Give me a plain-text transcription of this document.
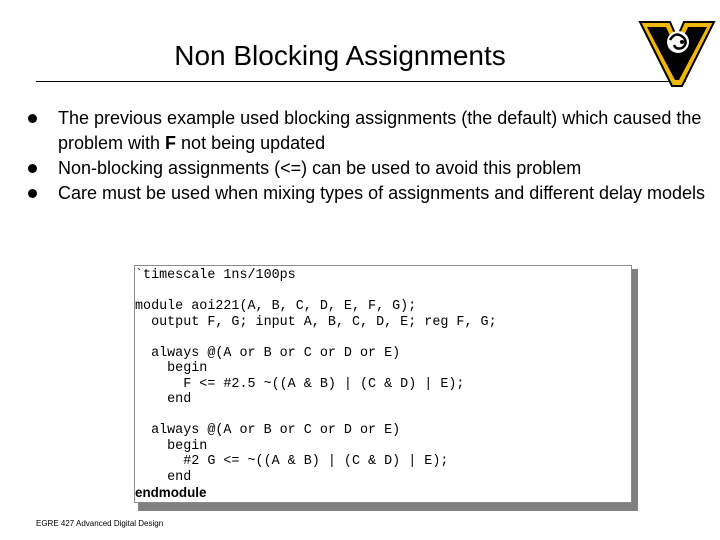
Non Blocking Assignments
The previous example used blocking assignments (the default) which caused the problem with F not being updated
Non-blocking assignments (<=) can be used to avoid this problem
Care must be used when mixing types of assignments and different delay models
`timescale 1ns/100ps

module aoi221(A, B, C, D, E, F, G);
output F, G; input A, B, C, D, E; reg F, G;

always @(A or B or C or D or E)
begin
F <= #2.5 ~((A & B) | (C & D) | E);
end

always @(A or B or C or D or E)
begin
#2 G <= ~((A & B) | (C & D) | E);
end
endmodule
EGRE 427 Advanced Digital Design
